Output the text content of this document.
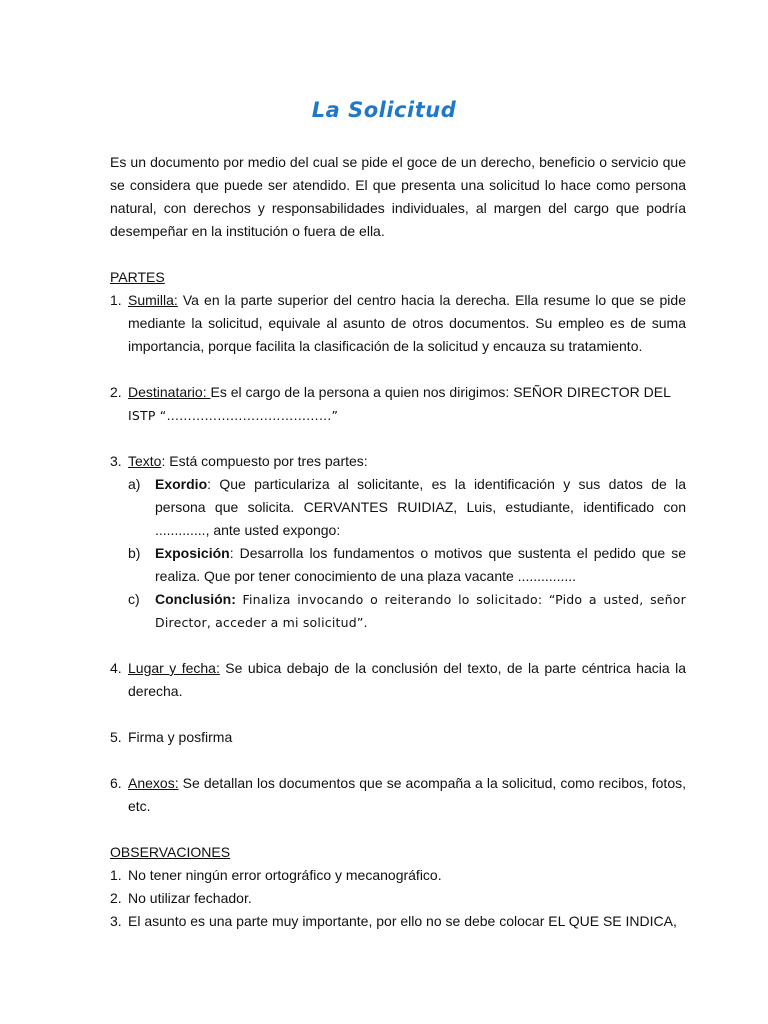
La Solicitud
Es un documento por medio del cual se pide el goce de un derecho, beneficio o servicio que se considera que puede ser atendido. El que presenta una solicitud lo hace como persona natural, con derechos y responsabilidades individuales, al margen del cargo que podría desempeñar en la institución o fuera de ella.
PARTES
1. Sumilla: Va en la parte superior del centro hacia la derecha. Ella resume lo que se pide mediante la solicitud, equivale al asunto de otros documentos. Su empleo es de suma importancia, porque facilita la clasificación de la solicitud y encauza su tratamiento.
2. Destinatario: Es el cargo de la persona a quien nos dirigimos: SEÑOR DIRECTOR DEL
ISTP “…………………………………”
3. Texto: Está compuesto por tres partes:
a)	Exordio: Que particulariza al solicitante, es la identificación y sus datos de la persona que solicita. CERVANTES RUIDIAZ, Luis, estudiante, identificado con ............., ante usted expongo:
b)	Exposición: Desarrolla los fundamentos o motivos que sustenta el pedido que se realiza. Que por tener conocimiento de una plaza vacante ...............
c)	Conclusión: Finaliza invocando o reiterando lo solicitado: “Pido a usted, señor Director, acceder a mi solicitud”.
4. Lugar y fecha: Se ubica debajo de la conclusión del texto, de la parte céntrica hacia la derecha.
5. Firma y posfirma
6. Anexos: Se detallan los documentos que se acompaña a la solicitud, como recibos, fotos, etc.
OBSERVACIONES
1. No tener ningún error ortográfico y mecanográfico.
2. No utilizar fechador.
3. El asunto es una parte muy importante, por ello no se debe colocar EL QUE SE INDICA,
